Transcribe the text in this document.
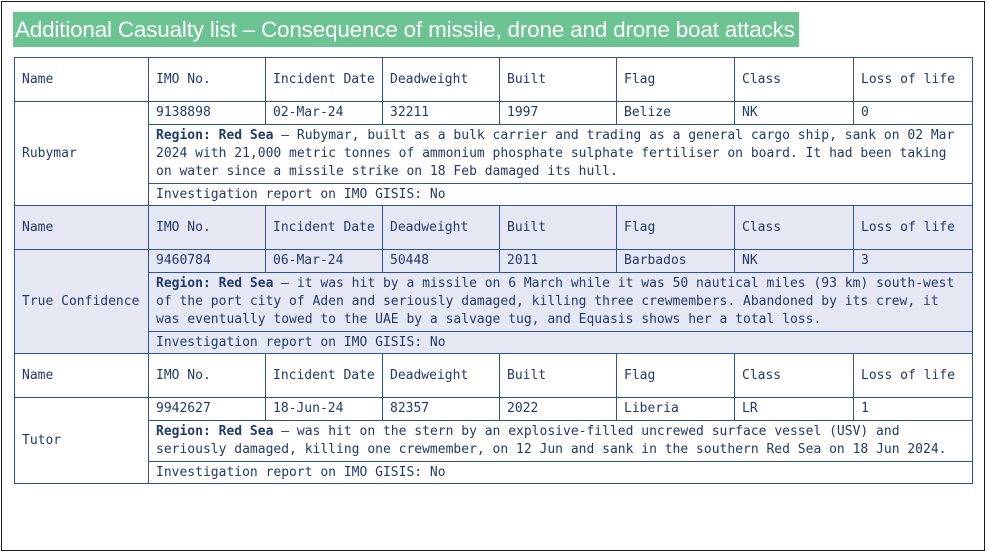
Additional Casualty list – Consequence of missile, drone and drone boat attacks
Name	IMO No.	Incident Date	Deadweight	Built	Flag	Class	Loss of life
Rubymar	9138898	02-Mar-24	32211	1997	Belize	NK	0
	Region: Red Sea – Rubymar, built as a bulk carrier and trading as a general cargo ship, sank on 02 Mar 2024 with 21,000 metric tonnes of ammonium phosphate sulphate fertiliser on board. It had been taking on water since a missile strike on 18 Feb damaged its hull.						
	Investigation report on IMO GISIS: No						
Name	IMO No.	Incident Date	Deadweight	Built	Flag	Class	Loss of life
True Confidence	9460784	06-Mar-24	50448	2011	Barbados	NK	3
	Region: Red Sea – it was hit by a missile on 6 March while it was 50 nautical miles (93 km) south-west of the port city of Aden and seriously damaged, killing three crewmembers. Abandoned by its crew, it was eventually towed to the UAE by a salvage tug, and Equasis shows her a total loss.						
	Investigation report on IMO GISIS: No						
Name	IMO No.	Incident Date	Deadweight	Built	Flag	Class	Loss of life
Tutor	9942627	18-Jun-24	82357	2022	Liberia	LR	1
	Region: Red Sea – was hit on the stern by an explosive-filled uncrewed surface vessel (USV) and seriously damaged, killing one crewmember, on 12 Jun and sank in the southern Red Sea on 18 Jun 2024.						
	Investigation report on IMO GISIS: No						
